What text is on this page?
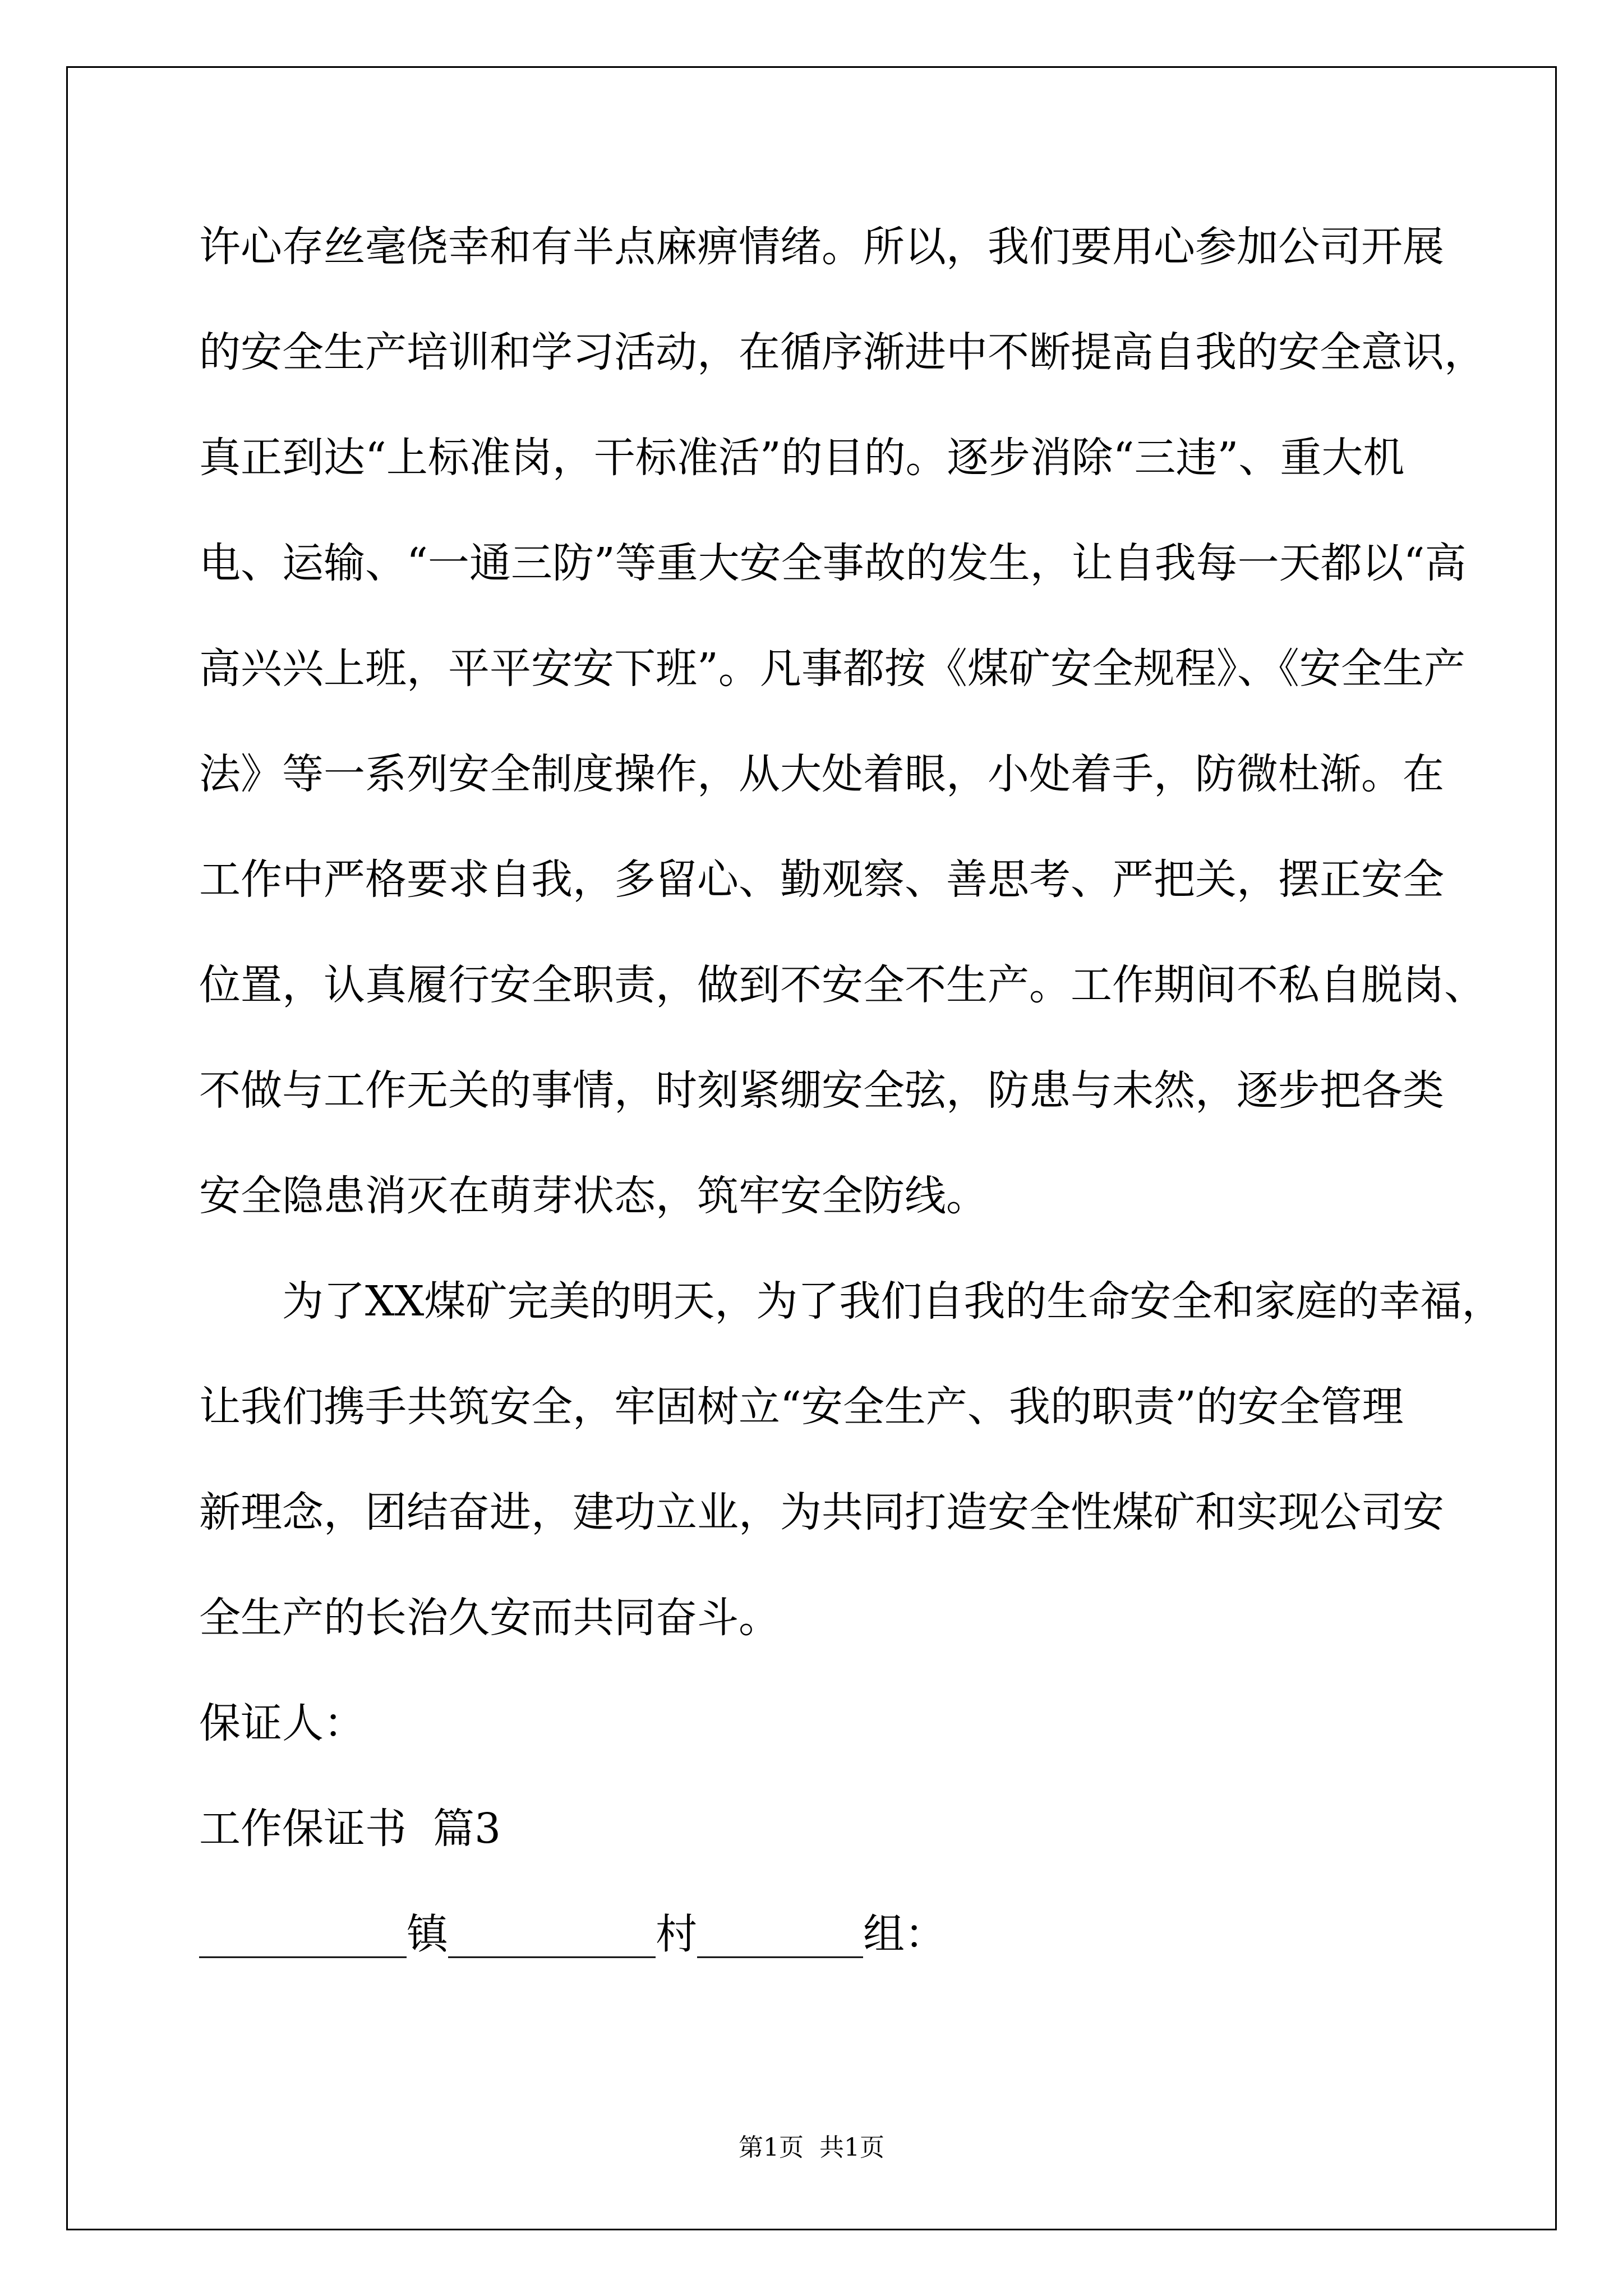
许心存丝毫侥幸和有半点麻痹情绪。所以，我们要用心参加公司开展
的安全生产培训和学习活动，在循序渐进中不断提高自我的安全意识，
真正到达“上标准岗，干标准活”的目的。逐步消除“三违”、重大机
电、运输、“一通三防”等重大安全事故的发生，让自我每一天都以“高
高兴兴上班，平平安安下班”。凡事都按《煤矿安全规程》、《安全生产
法》等一系列安全制度操作，从大处着眼，小处着手，防微杜渐。在
工作中严格要求自我，多留心、勤观察、善思考、严把关，摆正安全
位置，认真履行安全职责，做到不安全不生产。工作期间不私自脱岗、
不做与工作无关的事情，时刻紧绷安全弦，防患与未然，逐步把各类
安全隐患消灭在萌芽状态，筑牢安全防线。
为了XX煤矿完美的明天，为了我们自我的生命安全和家庭的幸福，
让我们携手共筑安全，牢固树立“安全生产、我的职责”的安全管理
新理念，团结奋进，建功立业，为共同打造安全性煤矿和实现公司安
全生产的长治久安而共同奋斗。
保证人：
工作保证书  篇3
__________镇__________村________组：
第1页  共1页
